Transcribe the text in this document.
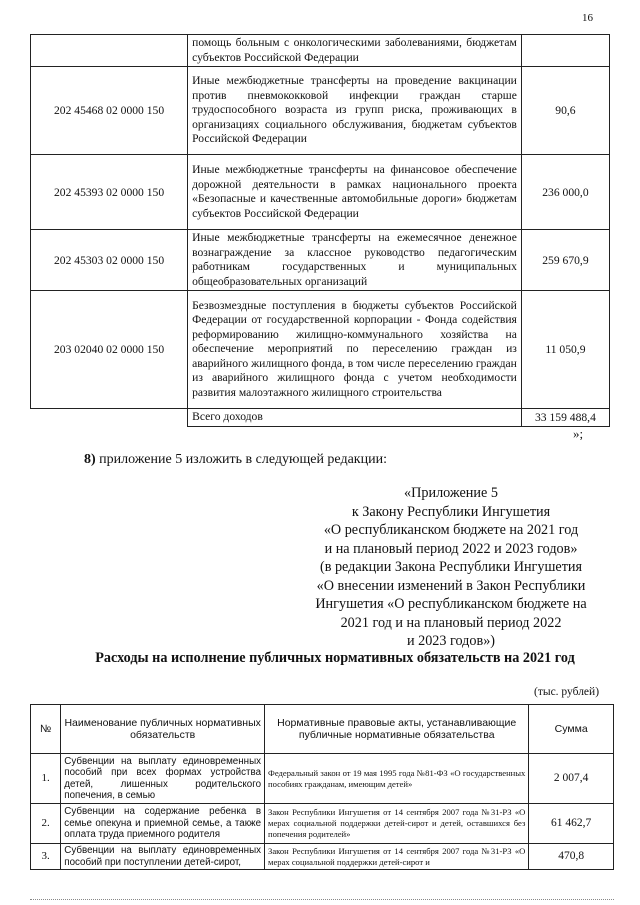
16
	помощь больным с онкологическими заболеваниями, бюджетам субъектов Российской Федерации	
202 45468 02 0000 150	Иные межбюджетные трансферты на проведение вакцинации против пневмококковой инфекции граждан старше трудоспособного возраста из групп риска, проживающих в организациях социального обслуживания, бюджетам субъектов Российской Федерации	90,6
202 45393 02 0000 150	Иные межбюджетные трансферты на финансовое обеспечение дорожной деятельности в рамках национального проекта «Безопасные и качественные автомобильные дороги» бюджетам субъектов Российской Федерации	236 000,0
202 45303 02 0000 150	Иные межбюджетные трансферты на ежемесячное денежное вознаграждение за классное руководство педагогическим работникам государственных и муниципальных общеобразовательных организаций	259 670,9
203 02040 02 0000 150	Безвозмездные поступления в бюджеты субъектов Российской Федерации от государственной корпорации - Фонда содействия реформированию жилищно-коммунального хозяйства на обеспечение мероприятий по переселению граждан из аварийного жилищного фонда, в том числе переселению граждан из аварийного жилищного фонда с учетом необходимости развития малоэтажного жилищного строительства	11 050,9
	Всего доходов	33 159 488,4
»;
8) приложение 5 изложить в следующей редакции:
«Приложение 5
к Закону Республики Ингушетия
«О республиканском бюджете на 2021 год
и на плановый период 2022 и 2023 годов»
(в редакции Закона Республики Ингушетия
«О внесении изменений в Закон Республики
Ингушетия «О республиканском бюджете на
2021 год и на плановый период 2022
и 2023 годов»)
Расходы на исполнение публичных нормативных обязательств на 2021 год
(тыс. рублей)
№	Наименование публичных нормативных обязательств	Нормативные правовые акты, устанавливающие публичные нормативные обязательства	Сумма
1.	Субвенции на выплату единовременных пособий при всех формах устройства детей, лишенных родительского попечения, в семью	Федеральный закон от 19 мая 1995 года №81-ФЗ «О государственных пособиях гражданам, имеющим детей»	2 007,4
2.	Субвенции на содержание ребенка в семье опекуна и приемной семье, а также оплата труда приемного родителя	Закон Республики Ингушетия от 14 сентября 2007 года №31-РЗ «О мерах социальной поддержки детей-сирот и детей, оставшихся без попечения родителей»	61 462,7
3.	Субвенции на выплату единовременных пособий при поступлении детей-сирот,	Закон Республики Ингушетия от 14 сентября 2007 года №31-РЗ «О мерах социальной поддержки детей-сирот и	470,8
